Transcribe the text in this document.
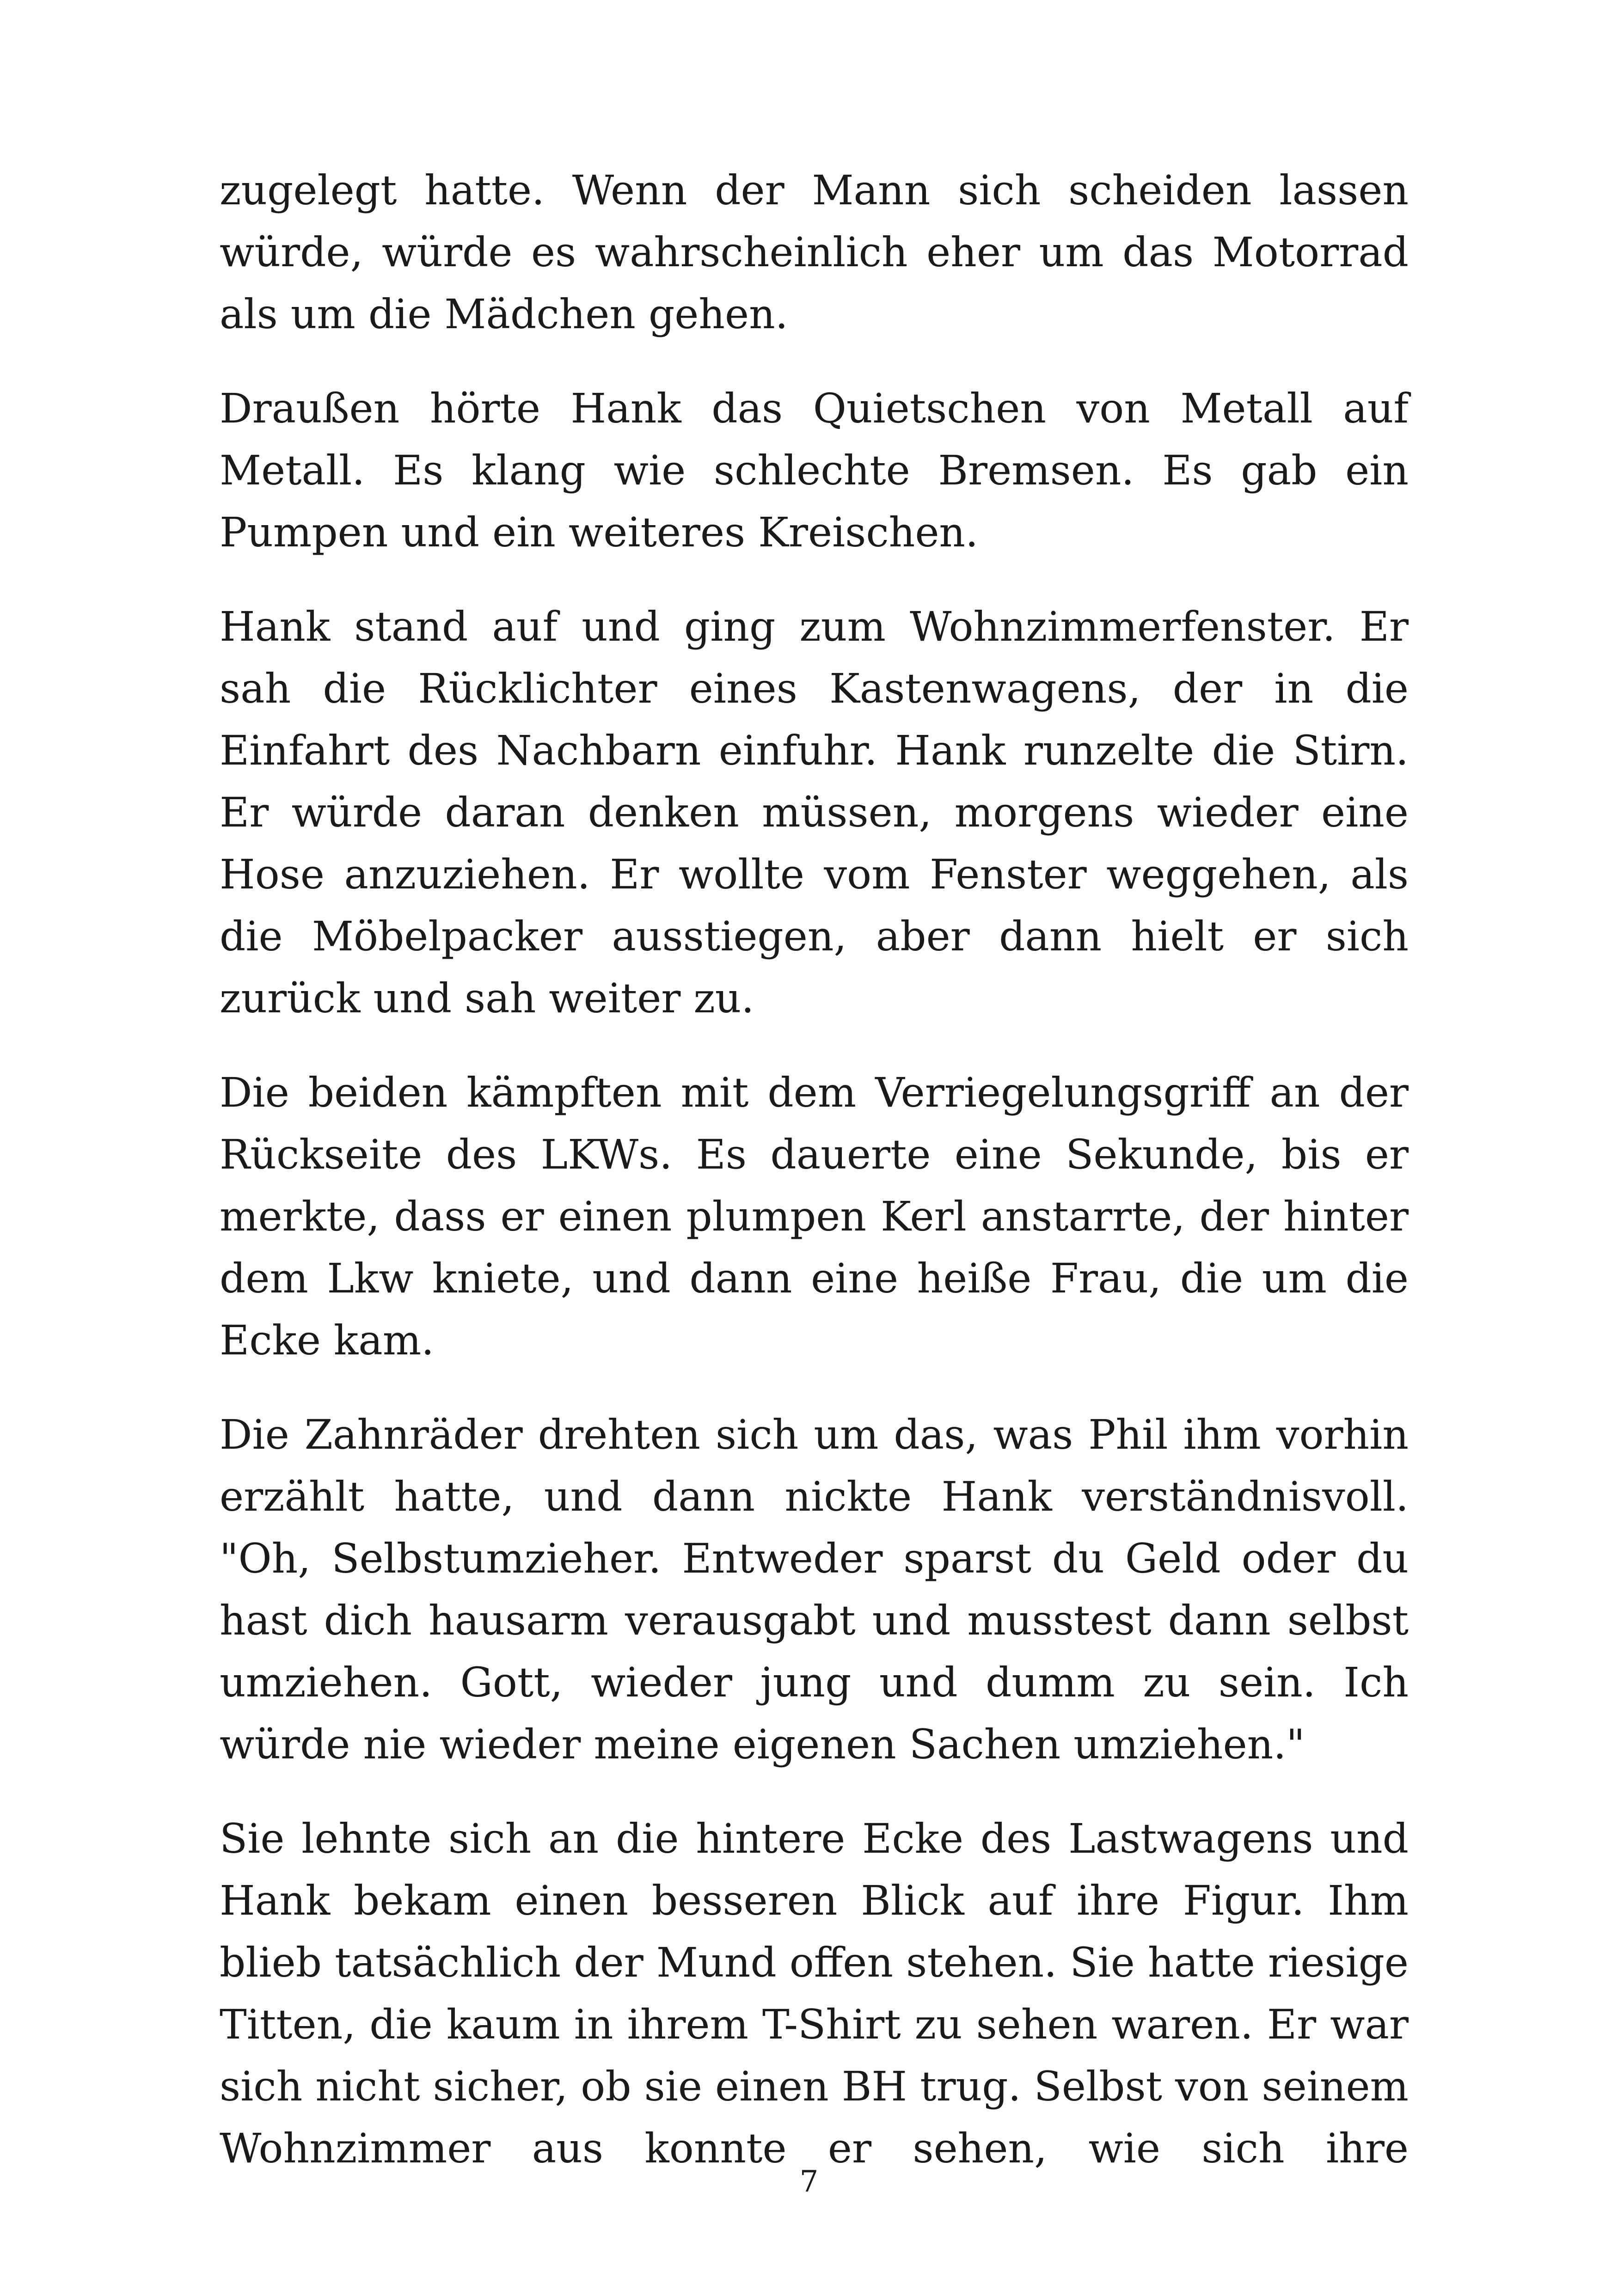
zugelegt hatte. Wenn der Mann sich scheiden lassen würde, würde es wahrscheinlich eher um das Motorrad als um die Mädchen gehen.

Draußen hörte Hank das Quietschen von Metall auf Metall. Es klang wie schlechte Bremsen. Es gab ein Pumpen und ein weiteres Kreischen.

Hank stand auf und ging zum Wohnzimmerfenster. Er sah die Rücklichter eines Kastenwagens, der in die Einfahrt des Nachbarn einfuhr. Hank runzelte die Stirn. Er würde daran denken müssen, morgens wieder eine Hose anzuziehen. Er wollte vom Fenster weggehen, als die Möbelpacker ausstiegen, aber dann hielt er sich zurück und sah weiter zu.

Die beiden kämpften mit dem Verriegelungsgriff an der Rückseite des LKWs. Es dauerte eine Sekunde, bis er merkte, dass er einen plumpen Kerl anstarrte, der hinter dem Lkw kniete, und dann eine heiße Frau, die um die Ecke kam.

Die Zahnräder drehten sich um das, was Phil ihm vorhin erzählt hatte, und dann nickte Hank verständnisvoll. "Oh, Selbstumzieher. Entweder sparst du Geld oder du hast dich hausarm verausgabt und musstest dann selbst umziehen. Gott, wieder jung und dumm zu sein. Ich würde nie wieder meine eigenen Sachen umziehen."

Sie lehnte sich an die hintere Ecke des Lastwagens und Hank bekam einen besseren Blick auf ihre Figur. Ihm blieb tatsächlich der Mund offen stehen. Sie hatte riesige Titten, die kaum in ihrem T-Shirt zu sehen waren. Er war sich nicht sicher, ob sie einen BH trug. Selbst von seinem Wohnzimmer aus konnte er sehen, wie sich ihre

7
